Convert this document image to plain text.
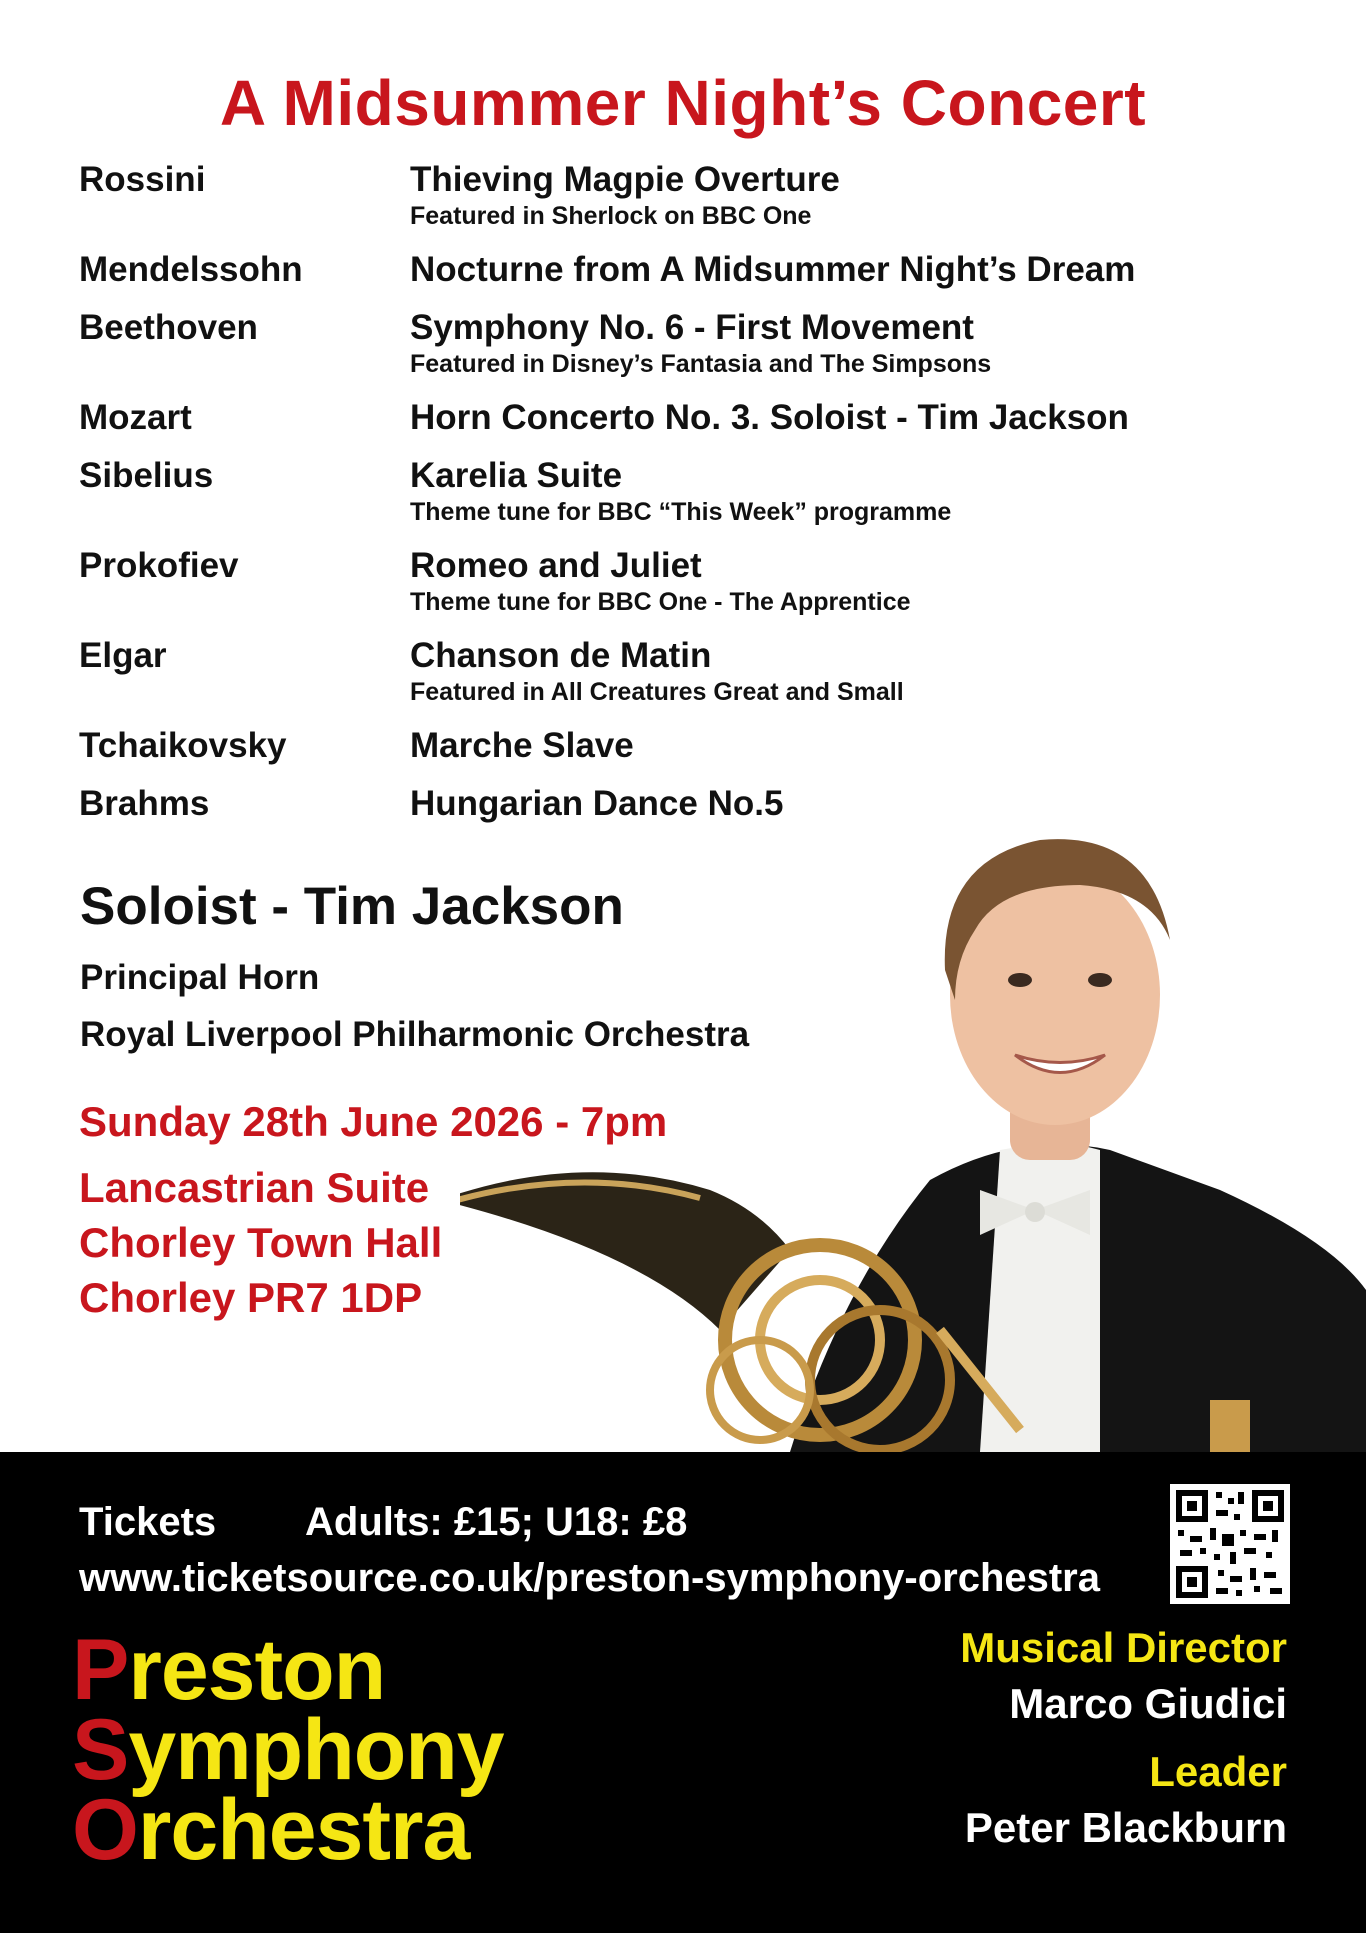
A Midsummer Night’s Concert
Rossini	Thieving Magpie Overture
Featured in Sherlock on BBC One
Mendelssohn	Nocturne from A Midsummer Night’s Dream
Beethoven	Symphony No. 6 - First Movement
Featured in Disney’s Fantasia and The Simpsons
Mozart	Horn Concerto No. 3. Soloist - Tim Jackson
Sibelius	Karelia Suite
Theme tune for BBC “This Week” programme
Prokofiev	Romeo and Juliet
Theme tune for BBC One - The Apprentice
Elgar	Chanson de Matin
Featured in All Creatures Great and Small
Tchaikovsky	Marche Slave
Brahms	Hungarian Dance No.5
Soloist - Tim Jackson
Principal Horn
Royal Liverpool Philharmonic Orchestra
Sunday 28th June 2026 - 7pm
Lancastrian Suite
Chorley Town Hall
Chorley PR7 1DP
Tickets Adults: £15; U18: £8
www.ticketsource.co.uk/preston-symphony-orchestra
Preston
Symphony
Orchestra
Musical Director
Marco Giudici
Leader
Peter Blackburn
